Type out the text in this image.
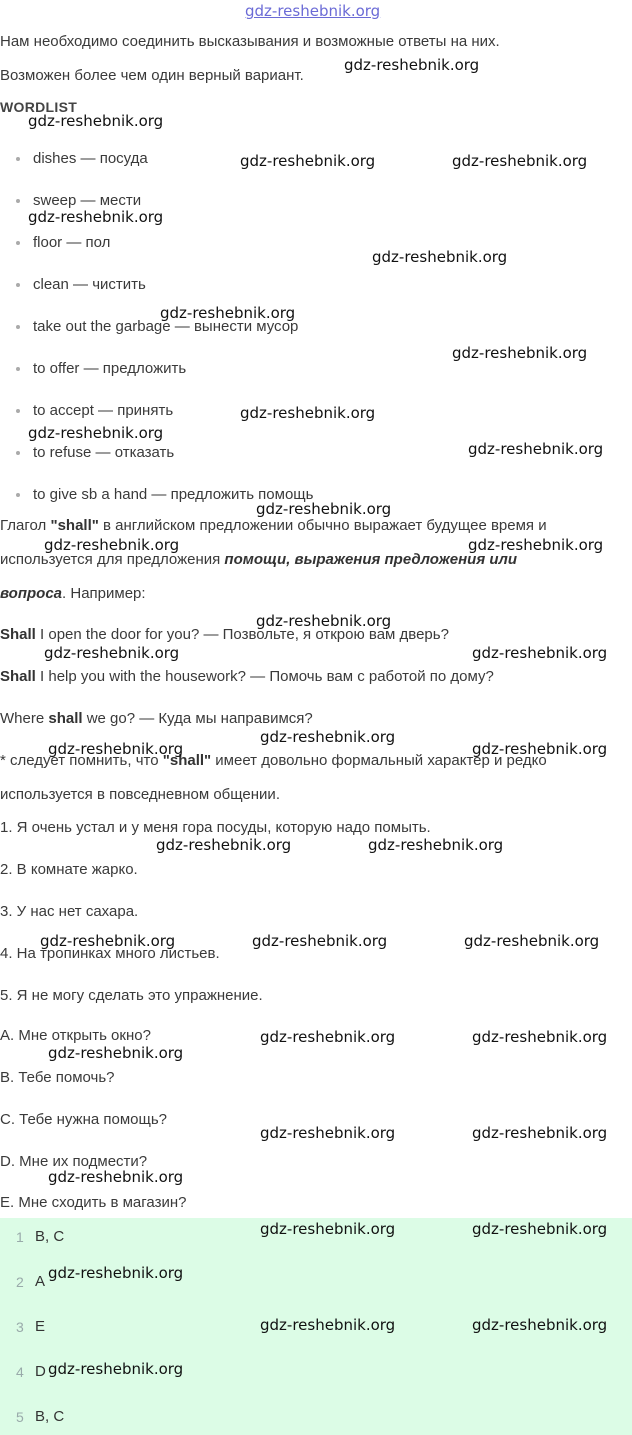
Нам необходимо соединить высказывания и возможные ответы на них.
Возможен более чем один верный вариант.
WORDLIST
dishes — посуда
sweep — мести
floor — пол
clean — чистить
take out the garbage — вынести мусор
to offer — предложить
to accept — принять
to refuse — отказать
to give sb a hand — предложить помощь
Глагол "shall" в английском предложении обычно выражает будущее время и
используется для предложения помощи, выражения предложения или
вопроса. Например:
Shall I open the door for you? — Позвольте, я открою вам дверь?
Shall I help you with the housework? — Помочь вам с работой по дому?
Where shall we go? — Куда мы направимся?
* следует помнить, что "shall" имеет довольно формальный характер и редко
используется в повседневном общении.
1. Я очень устал и у меня гора посуды, которую надо помыть.
2. В комнате жарко.
3. У нас нет сахара.
4. На тропинках много листьев.
5. Я не могу сделать это упражнение.
A. Мне открыть окно?
B. Тебе помочь?
C. Тебе нужна помощь?
D. Мне их подмести?
E. Мне сходить в магазин?
1 B, C
2 A
3 E
4 D
5 B, C
gdz-reshebnik.org
gdz-reshebnik.org
gdz-reshebnik.org
gdz-reshebnik.org	gdz-reshebnik.org
gdz-reshebnik.org
gdz-reshebnik.org
gdz-reshebnik.org
gdz-reshebnik.org
gdz-reshebnik.org
gdz-reshebnik.org
gdz-reshebnik.org
gdz-reshebnik.org
gdz-reshebnik.org	gdz-reshebnik.org
gdz-reshebnik.org
gdz-reshebnik.org	gdz-reshebnik.org
gdz-reshebnik.org
gdz-reshebnik.org	gdz-reshebnik.org
gdz-reshebnik.org	gdz-reshebnik.org
gdz-reshebnik.org	gdz-reshebnik.org	gdz-reshebnik.org
gdz-reshebnik.org	gdz-reshebnik.org
gdz-reshebnik.org
gdz-reshebnik.org	gdz-reshebnik.org
gdz-reshebnik.org
gdz-reshebnik.org	gdz-reshebnik.org
gdz-reshebnik.org
gdz-reshebnik.org	gdz-reshebnik.org
gdz-reshebnik.org
